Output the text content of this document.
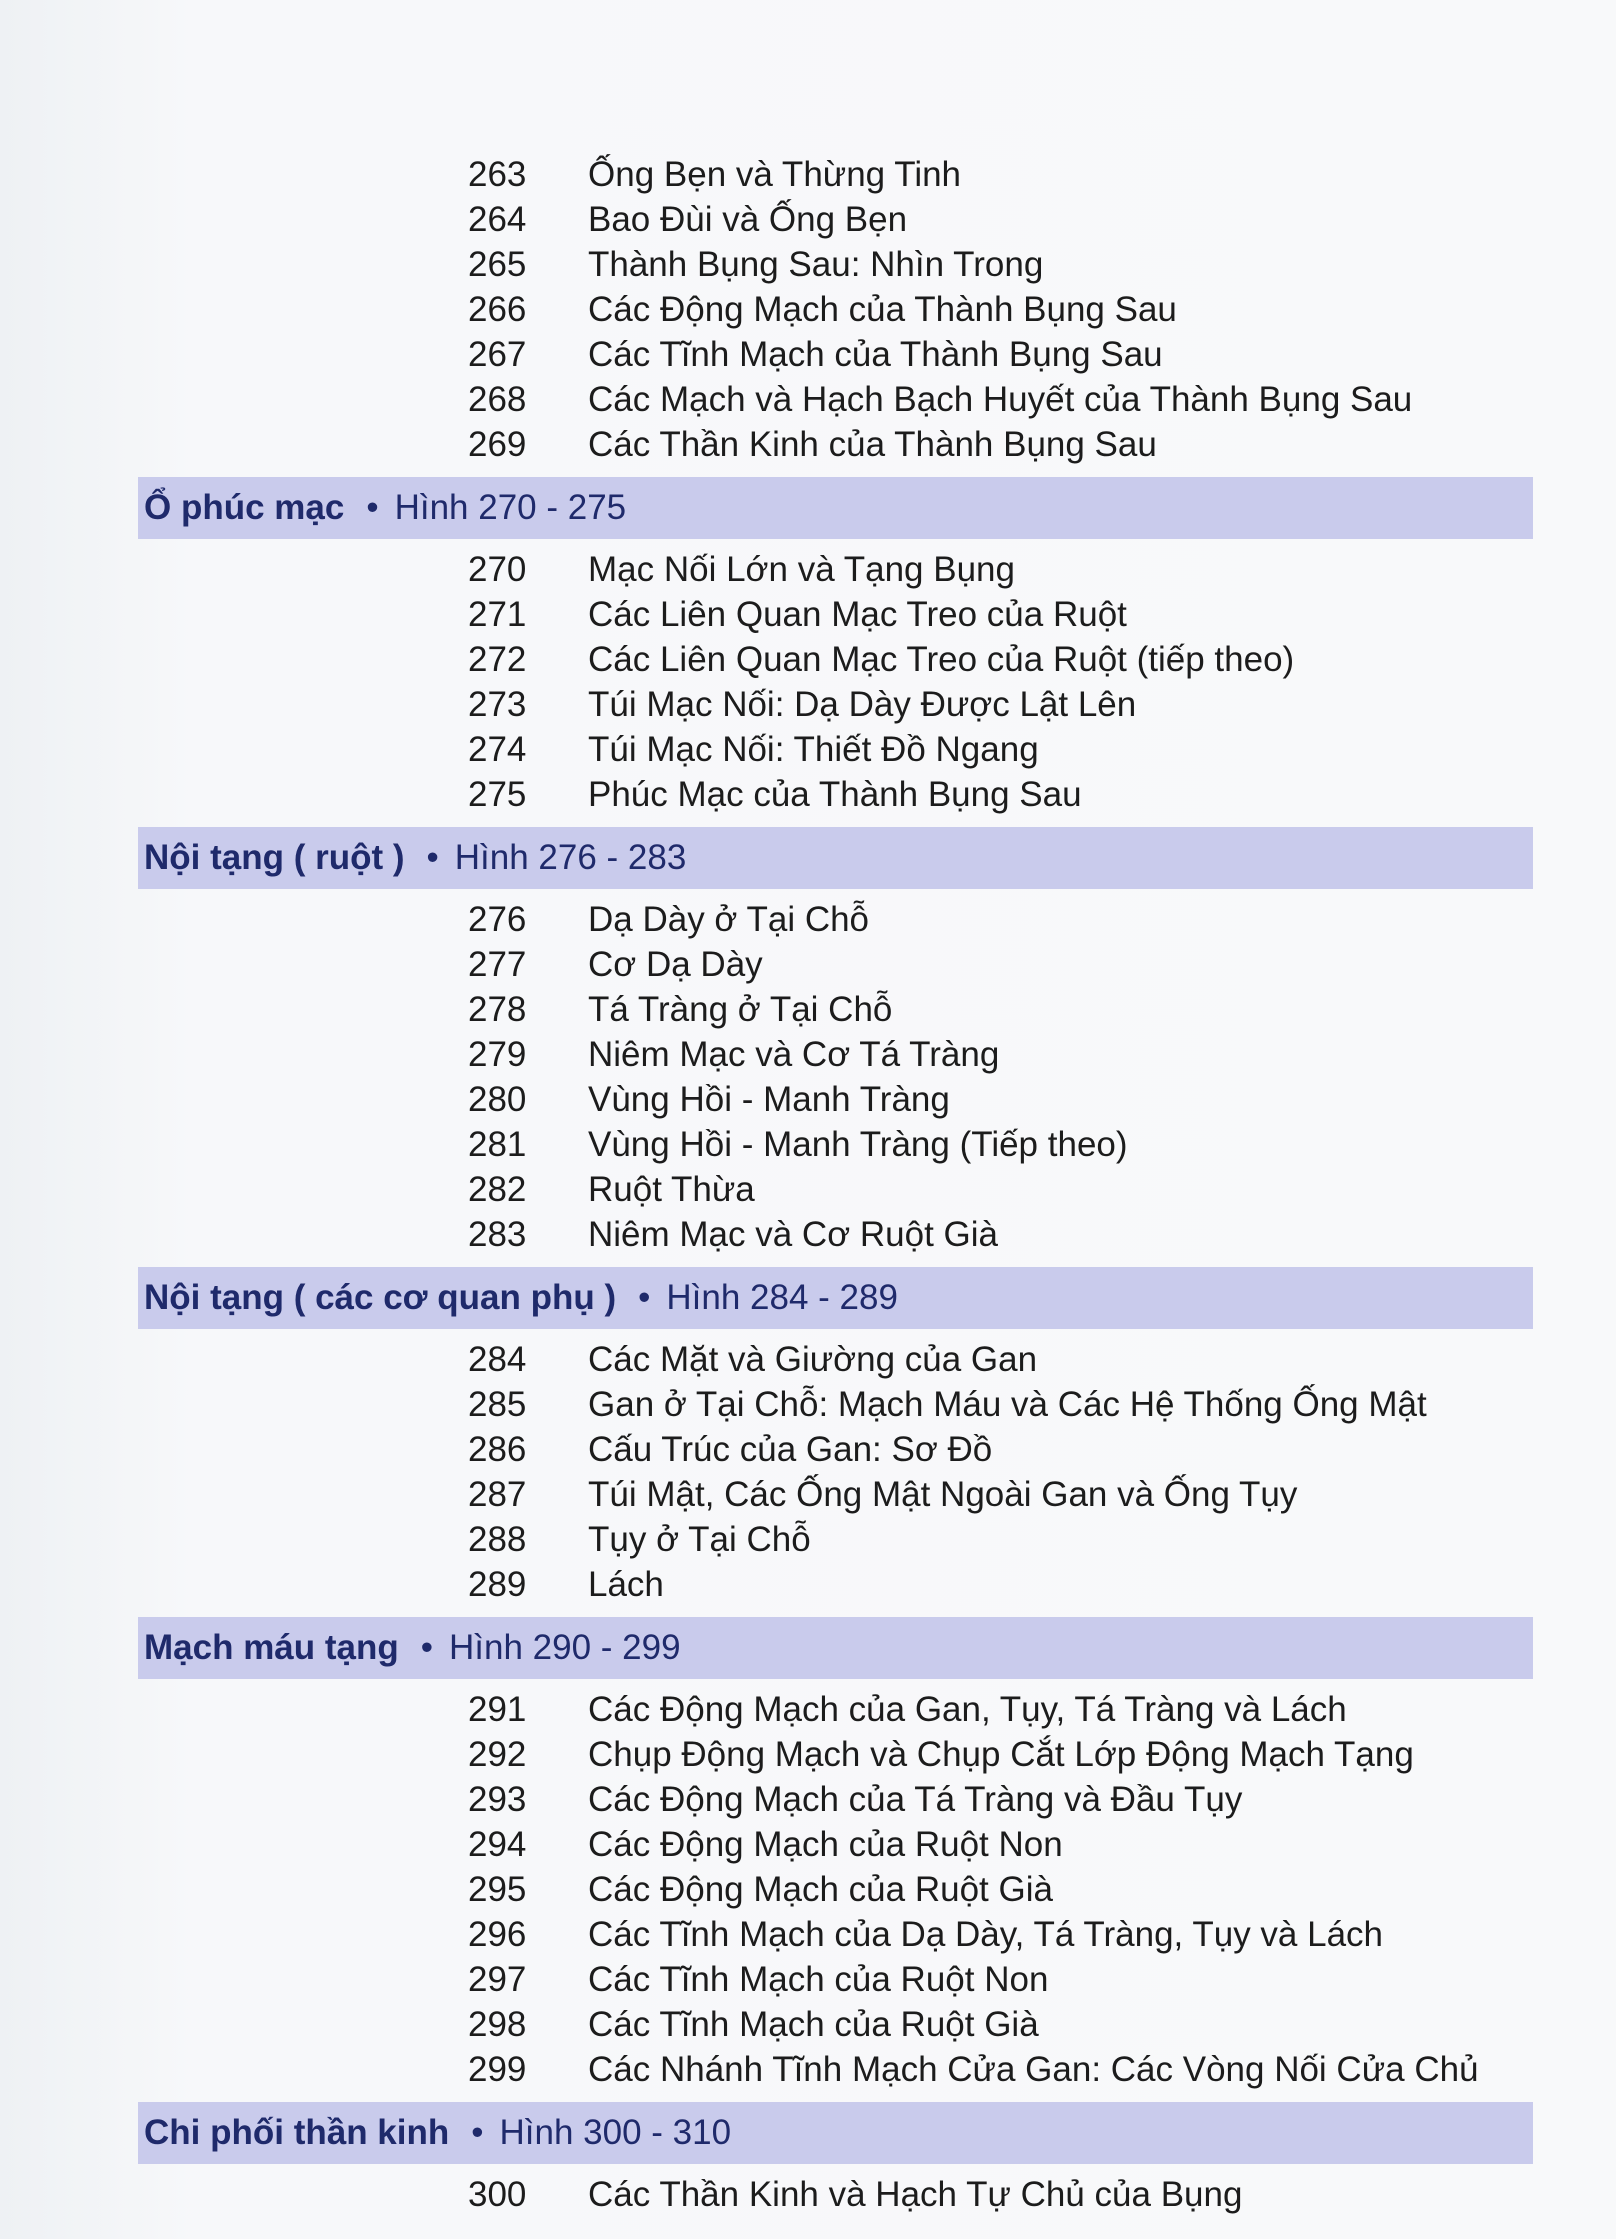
263	Ống Bẹn và Thừng Tinh
264	Bao Đùi và Ống Bẹn
265	Thành Bụng Sau: Nhìn Trong
266	Các Động Mạch của Thành Bụng Sau
267	Các Tĩnh Mạch của Thành Bụng Sau
268	Các Mạch và Hạch Bạch Huyết của Thành Bụng Sau
269	Các Thần Kinh của Thành Bụng Sau
Ổ phúc mạc • Hình 270 - 275
270	Mạc Nối Lớn và Tạng Bụng
271	Các Liên Quan Mạc Treo của Ruột
272	Các Liên Quan Mạc Treo của Ruột (tiếp theo)
273	Túi Mạc Nối: Dạ Dày Được Lật Lên
274	Túi Mạc Nối: Thiết Đồ Ngang
275	Phúc Mạc của Thành Bụng Sau
Nội tạng ( ruột ) • Hình 276 - 283
276	Dạ Dày ở Tại Chỗ
277	Cơ Dạ Dày
278	Tá Tràng ở Tại Chỗ
279	Niêm Mạc và Cơ Tá Tràng
280	Vùng Hồi - Manh Tràng
281	Vùng Hồi - Manh Tràng (Tiếp theo)
282	Ruột Thừa
283	Niêm Mạc và Cơ Ruột Già
Nội tạng ( các cơ quan phụ ) • Hình 284 - 289
284	Các Mặt và Giường của Gan
285	Gan ở Tại Chỗ: Mạch Máu và Các Hệ Thống Ống Mật
286	Cấu Trúc của Gan: Sơ Đồ
287	Túi Mật, Các Ống Mật Ngoài Gan và Ống Tụy
288	Tụy ở Tại Chỗ
289	Lách
Mạch máu tạng • Hình 290 - 299
291	Các Động Mạch của Gan, Tụy, Tá Tràng và Lách
292	Chụp Động Mạch và Chụp Cắt Lớp Động Mạch Tạng
293	Các Động Mạch của Tá Tràng và Đầu Tụy
294	Các Động Mạch của Ruột Non
295	Các Động Mạch của Ruột Già
296	Các Tĩnh Mạch của Dạ Dày, Tá Tràng, Tụy và Lách
297	Các Tĩnh Mạch của Ruột Non
298	Các Tĩnh Mạch của Ruột Già
299	Các Nhánh Tĩnh Mạch Cửa Gan: Các Vòng Nối Cửa Chủ
Chi phối thần kinh • Hình 300 - 310
300	Các Thần Kinh và Hạch Tự Chủ của Bụng
